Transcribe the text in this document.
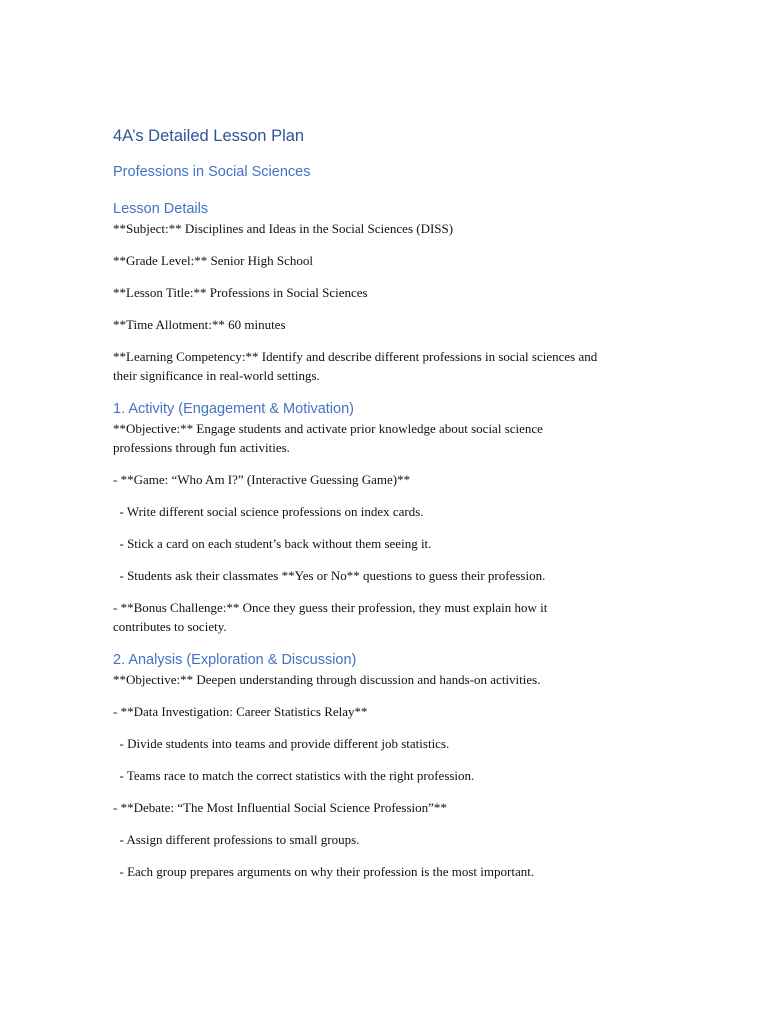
4A’s Detailed Lesson Plan
Professions in Social Sciences
Lesson Details

**Subject:** Disciplines and Ideas in the Social Sciences (DISS)

**Grade Level:** Senior High School

**Lesson Title:** Professions in Social Sciences

**Time Allotment:** 60 minutes

**Learning Competency:** Identify and describe different professions in social sciences and

their significance in real-world settings.

1. Activity (Engagement & Motivation)

**Objective:** Engage students and activate prior knowledge about social science

professions through fun activities.

- **Game: “Who Am I?” (Interactive Guessing Game)**

- Write different social science professions on index cards.

- Stick a card on each student’s back without them seeing it.

- Students ask their classmates **Yes or No** questions to guess their profession.

- **Bonus Challenge:** Once they guess their profession, they must explain how it

contributes to society.

2. Analysis (Exploration & Discussion)

**Objective:** Deepen understanding through discussion and hands-on activities.

- **Data Investigation: Career Statistics Relay**

- Divide students into teams and provide different job statistics.

- Teams race to match the correct statistics with the right profession.

- **Debate: “The Most Influential Social Science Profession”**

- Assign different professions to small groups.

- Each group prepares arguments on why their profession is the most important.
